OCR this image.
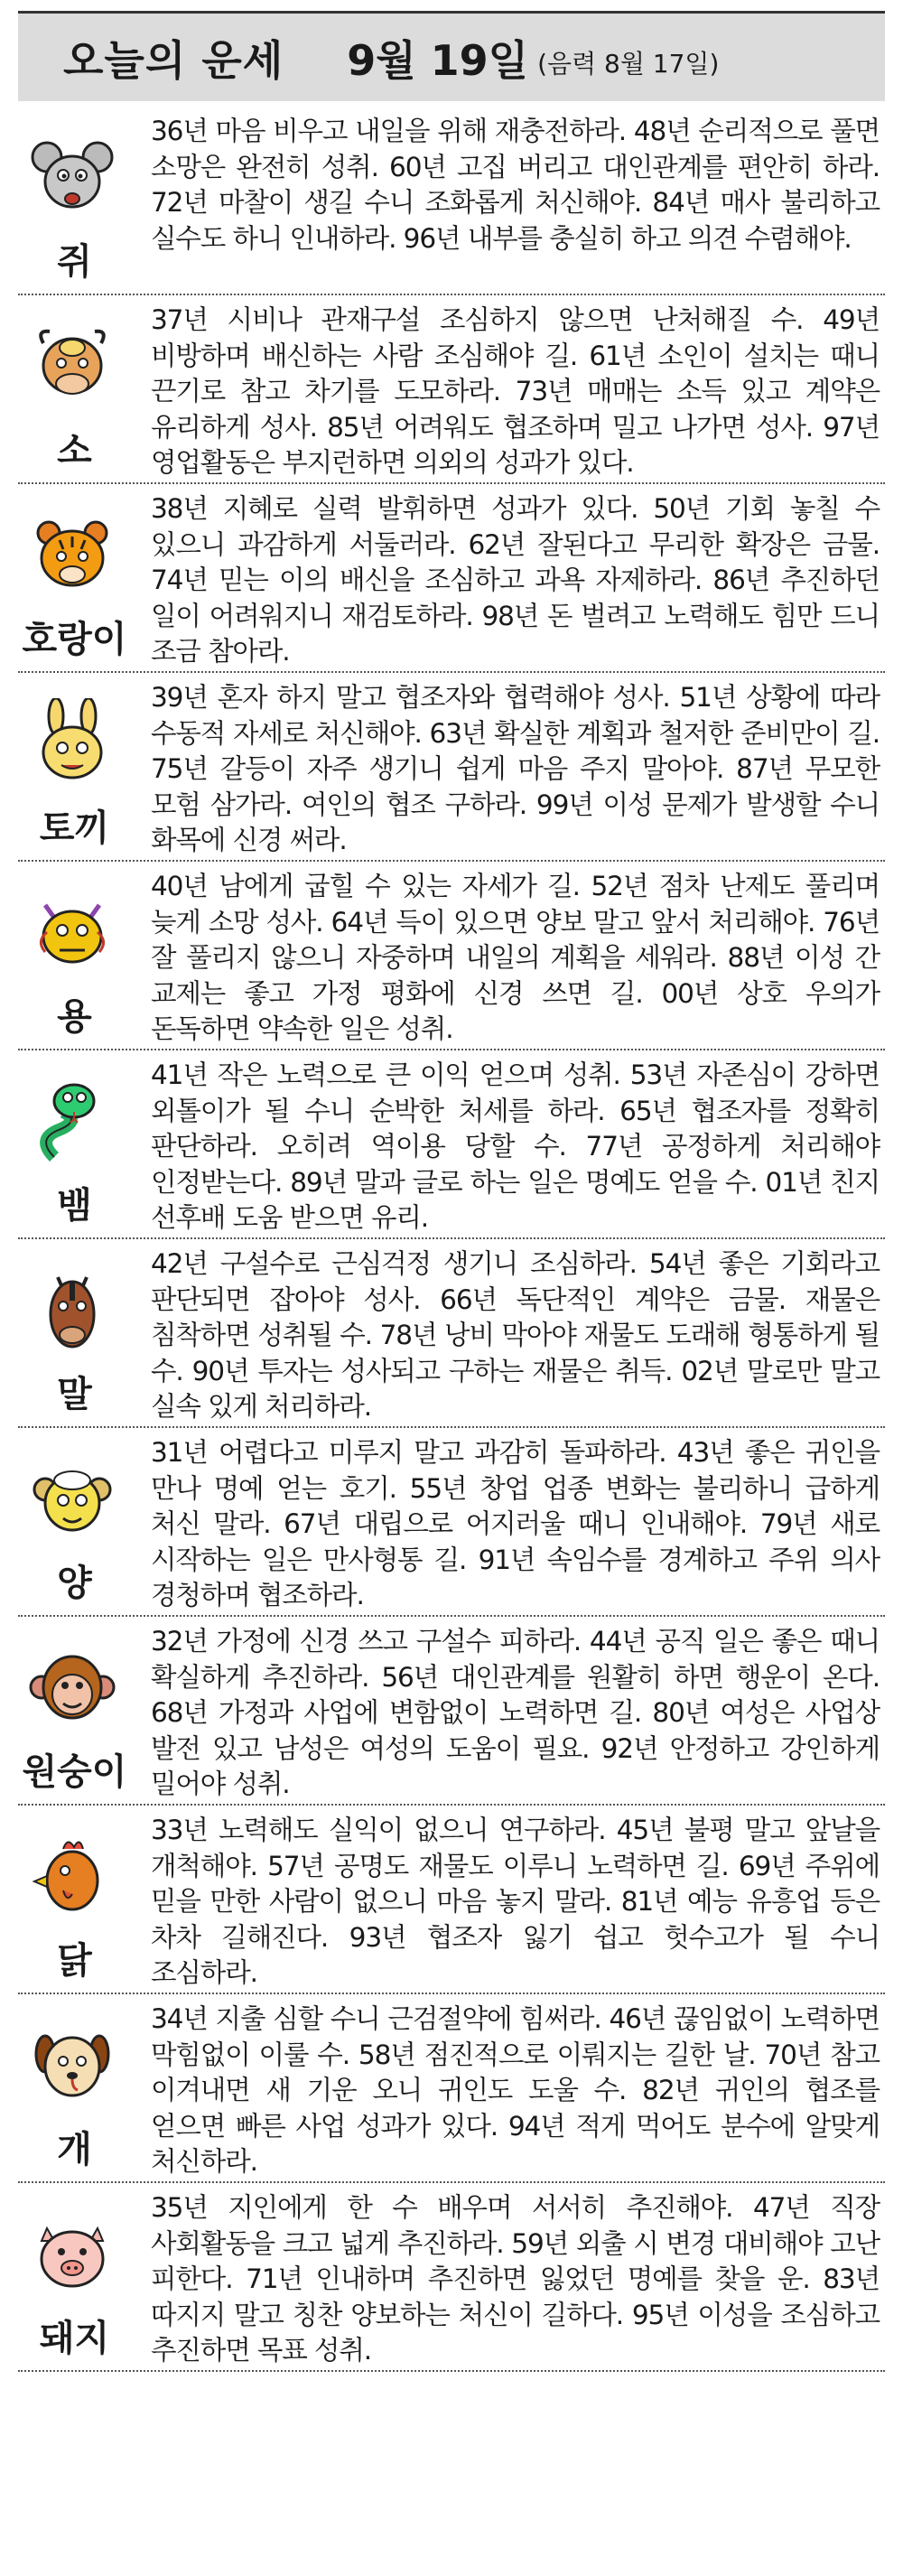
오늘의 운세 9월 19일 (음력 8월 17일)
쥐
36년 마음 비우고 내일을 위해 재충전하라. 48년 순리적으로 풀면 소망은 완전히 성취. 60년 고집 버리고 대인관계를 편안히 하라. 72년 마찰이 생길 수니 조화롭게 처신해야. 84년 매사 불리하고 실수도 하니 인내하라. 96년 내부를 충실히 하고 의견 수렴해야.
소
37년 시비나 관재구설 조심하지 않으면 난처해질 수. 49년 비방하며 배신하는 사람 조심해야 길. 61년 소인이 설치는 때니 끈기로 참고 차기를 도모하라. 73년 매매는 소득 있고 계약은 유리하게 성사. 85년 어려워도 협조하며 밀고 나가면 성사. 97년 영업활동은 부지런하면 의외의 성과가 있다.
호랑이
38년 지혜로 실력 발휘하면 성과가 있다. 50년 기회 놓칠 수 있으니 과감하게 서둘러라. 62년 잘된다고 무리한 확장은 금물. 74년 믿는 이의 배신을 조심하고 과욕 자제하라. 86년 추진하던 일이 어려워지니 재검토하라. 98년 돈 벌려고 노력해도 힘만 드니 조금 참아라.
토끼
39년 혼자 하지 말고 협조자와 협력해야 성사. 51년 상황에 따라 수동적 자세로 처신해야. 63년 확실한 계획과 철저한 준비만이 길. 75년 갈등이 자주 생기니 쉽게 마음 주지 말아야. 87년 무모한 모험 삼가라. 여인의 협조 구하라. 99년 이성 문제가 발생할 수니 화목에 신경 써라.
용
40년 남에게 굽힐 수 있는 자세가 길. 52년 점차 난제도 풀리며 늦게 소망 성사. 64년 득이 있으면 양보 말고 앞서 처리해야. 76년 잘 풀리지 않으니 자중하며 내일의 계획을 세워라. 88년 이성 간 교제는 좋고 가정 평화에 신경 쓰면 길. 00년 상호 우의가 돈독하면 약속한 일은 성취.
뱀
41년 작은 노력으로 큰 이익 얻으며 성취. 53년 자존심이 강하면 외톨이가 될 수니 순박한 처세를 하라. 65년 협조자를 정확히 판단하라. 오히려 역이용 당할 수. 77년 공정하게 처리해야 인정받는다. 89년 말과 글로 하는 일은 명예도 얻을 수. 01년 친지 선후배 도움 받으면 유리.
말
42년 구설수로 근심걱정 생기니 조심하라. 54년 좋은 기회라고 판단되면 잡아야 성사. 66년 독단적인 계약은 금물. 재물은 침착하면 성취될 수. 78년 낭비 막아야 재물도 도래해 형통하게 될 수. 90년 투자는 성사되고 구하는 재물은 취득. 02년 말로만 말고 실속 있게 처리하라.
양
31년 어렵다고 미루지 말고 과감히 돌파하라. 43년 좋은 귀인을 만나 명예 얻는 호기. 55년 창업 업종 변화는 불리하니 급하게 처신 말라. 67년 대립으로 어지러울 때니 인내해야. 79년 새로 시작하는 일은 만사형통 길. 91년 속임수를 경계하고 주위 의사 경청하며 협조하라.
원숭이
32년 가정에 신경 쓰고 구설수 피하라. 44년 공직 일은 좋은 때니 확실하게 추진하라. 56년 대인관계를 원활히 하면 행운이 온다. 68년 가정과 사업에 변함없이 노력하면 길. 80년 여성은 사업상 발전 있고 남성은 여성의 도움이 필요. 92년 안정하고 강인하게 밀어야 성취.
닭
33년 노력해도 실익이 없으니 연구하라. 45년 불평 말고 앞날을 개척해야. 57년 공명도 재물도 이루니 노력하면 길. 69년 주위에 믿을 만한 사람이 없으니 마음 놓지 말라. 81년 예능 유흥업 등은 차차 길해진다. 93년 협조자 잃기 쉽고 헛수고가 될 수니 조심하라.
개
34년 지출 심할 수니 근검절약에 힘써라. 46년 끊임없이 노력하면 막힘없이 이룰 수. 58년 점진적으로 이뤄지는 길한 날. 70년 참고 이겨내면 새 기운 오니 귀인도 도울 수. 82년 귀인의 협조를 얻으면 빠른 사업 성과가 있다. 94년 적게 먹어도 분수에 알맞게 처신하라.
돼지
35년 지인에게 한 수 배우며 서서히 추진해야. 47년 직장 사회활동을 크고 넓게 추진하라. 59년 외출 시 변경 대비해야 고난 피한다. 71년 인내하며 추진하면 잃었던 명예를 찾을 운. 83년 따지지 말고 칭찬 양보하는 처신이 길하다. 95년 이성을 조심하고 추진하면 목표 성취.
